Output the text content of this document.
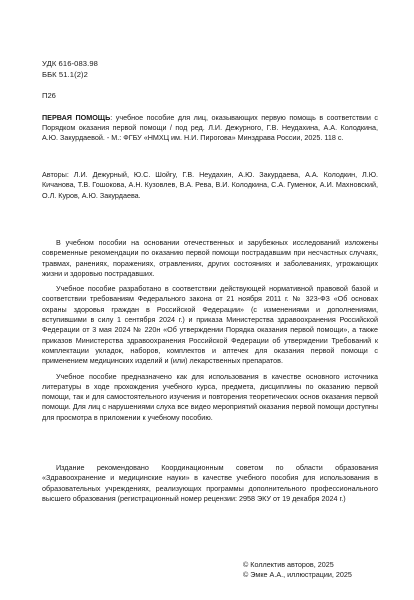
УДК 616-083.98
ББК 51.1(2)2
П26
ПЕРВАЯ ПОМОЩЬ: учебное пособие для лиц, оказывающих первую помощь в соответствии с Порядком оказания первой помощи / под ред. Л.И. Дежурного, Г.В. Неудахина, А.А. Колодкина, А.Ю. Закурдаевой. - М.: ФГБУ «НМХЦ им. Н.И. Пирогова» Минздрава России, 2025. 118 с.
Авторы: Л.И. Дежурный, Ю.С. Шойгу, Г.В. Неудахин, А.Ю. Закурдаева, А.А. Колодкин, Л.Ю. Кичанова, Т.В. Гошокова, А.Н. Кузовлев, В.А. Рева, В.И. Колодкина, С.А. Гуменюк, А.И. Махновский, О.Л. Куров, А.Ю. Закурдаева.

В учебном пособии на основании отечественных и зарубежных исследований изложены современные рекомендации по оказанию первой помощи пострадавшим при несчастных случаях, травмах, ранениях, поражениях, отравлениях, других состояниях и заболеваниях, угрожающих жизни и здоровью пострадавших.

Учебное пособие разработано в соответствии действующей нормативной правовой базой и соответствии требованиям Федерального закона от 21 ноября 2011 г. № 323-ФЗ «Об основах охраны здоровья граждан в Российской Федерации» (с изменениями и дополнениями, вступившими в силу 1 сентября 2024 г.) и приказа Министерства здравоохранения Российской Федерации от 3 мая 2024 № 220н «Об утверждении Порядка оказания первой помощи», а также приказов Министерства здравоохранения Российской Федерации об утверждении Требований к комплектации укладок, наборов, комплектов и аптечек для оказания первой помощи с применением медицинских изделий и (или) лекарственных препаратов.

Учебное пособие предназначено как для использования в качестве основного источника литературы в ходе прохождения учебного курса, предмета, дисциплины по оказанию первой помощи, так и для самостоятельного изучения и повторения теоретических основ оказания первой помощи. Для лиц с нарушениями слуха все видео мероприятий оказания первой помощи доступны для просмотра в приложении к учебному пособию.

Издание рекомендовано Координационным советом по области образования «Здравоохранение и медицинские науки» в качестве учебного пособия для использования в образовательных учреждениях, реализующих программы дополнительного профессионального высшего образования (регистрационный номер рецензии: 2958 ЭКУ от 19 декабря 2024 г.)

© Коллектив авторов, 2025
© Эмке А.А., иллюстрации, 2025
